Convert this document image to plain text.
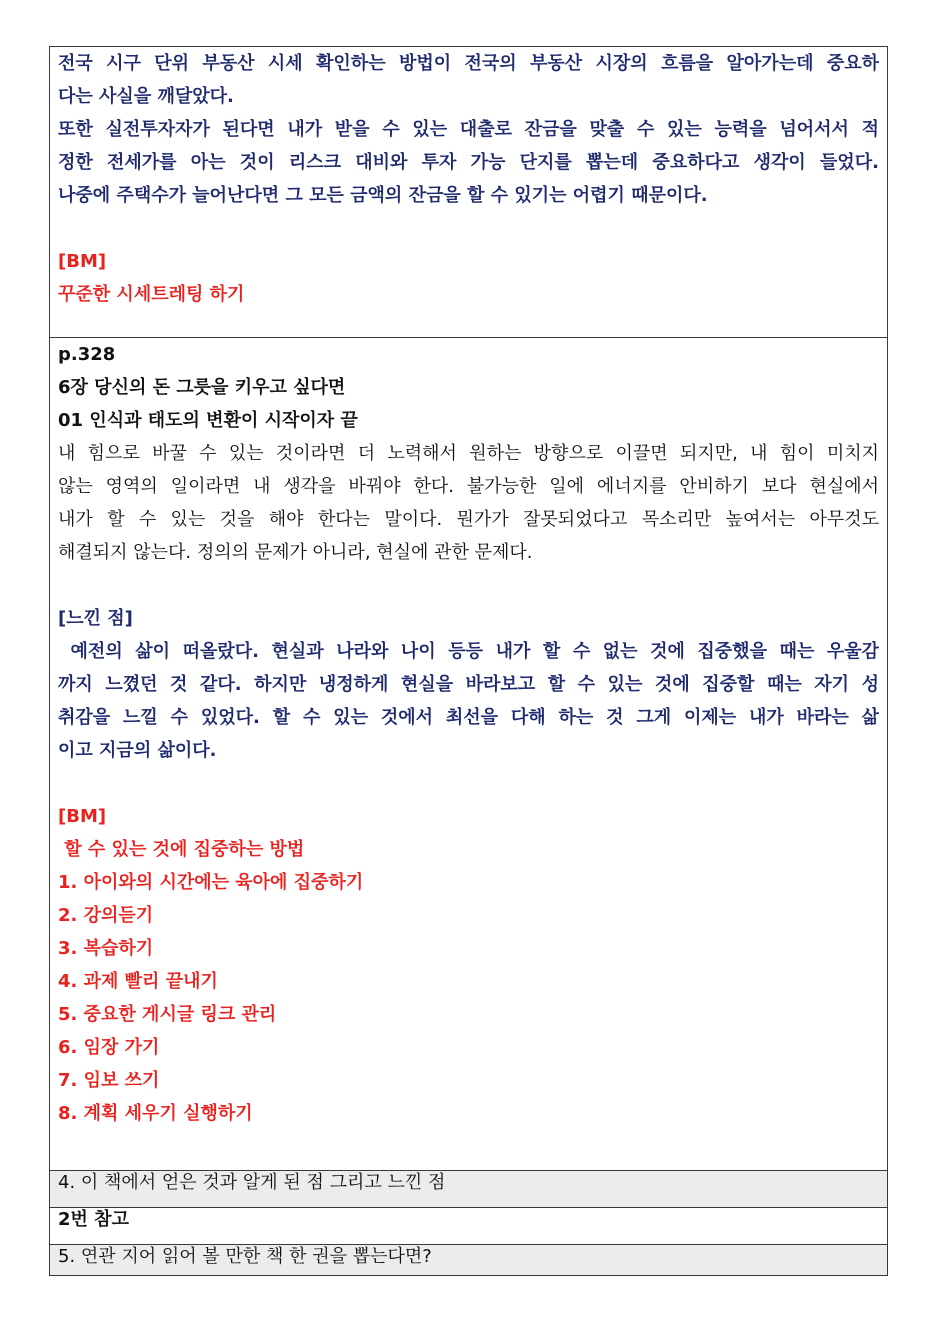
전국 시구 단위 부동산 시세 확인하는 방법이 전국의 부동산 시장의 흐름을 알아가는데 중요하
다는 사실을 깨달았다.
또한 실전투자자가 된다면 내가 받을 수 있는 대출로 잔금을 맞출 수 있는 능력을 넘어서서 적
정한 전세가를 아는 것이 리스크 대비와 투자 가능 단지를 뽑는데 중요하다고 생각이 들었다.
나중에 주택수가 늘어난다면 그 모든 금액의 잔금을 할 수 있기는 어렵기 때문이다.
[BM]
꾸준한 시세트레팅 하기

p.328
6장 당신의 돈 그릇을 키우고 싶다면
01 인식과 태도의 변환이 시작이자 끝
내 힘으로 바꿀 수 있는 것이라면 더 노력해서 원하는 방향으로 이끌면 되지만, 내 힘이 미치지
않는 영역의 일이라면 내 생각을 바꿔야 한다. 불가능한 일에 에너지를 안비하기 보다 현실에서
내가 할 수 있는 것을 해야 한다는 말이다. 뭔가가 잘못되었다고 목소리만 높여서는 아무것도
해결되지 않는다. 정의의 문제가 아니라, 현실에 관한 문제다.
[느낀 점]
예전의 삶이 떠올랐다. 현실과 나라와 나이 등등 내가 할 수 없는 것에 집중했을 때는 우울감
까지 느꼈던 것 같다. 하지만 냉정하게 현실을 바라보고 할 수 있는 것에 집중할 때는 자기 성
취감을 느낄 수 있었다. 할 수 있는 것에서 최선을 다해 하는 것 그게 이제는 내가 바라는 삶
이고 지금의 삶이다.
[BM]
할 수 있는 것에 집중하는 방법
1. 아이와의 시간에는 육아에 집중하기
2. 강의듣기
3. 복습하기
4. 과제 빨리 끝내기
5. 중요한 게시글 링크 관리
6. 임장 가기
7. 임보 쓰기
8. 계획 세우기 실행하기

4. 이 책에서 얻은 것과 알게 된 점 그리고 느낀 점

2번 참고

5. 연관 지어 읽어 볼 만한 책 한 권을 뽑는다면?
